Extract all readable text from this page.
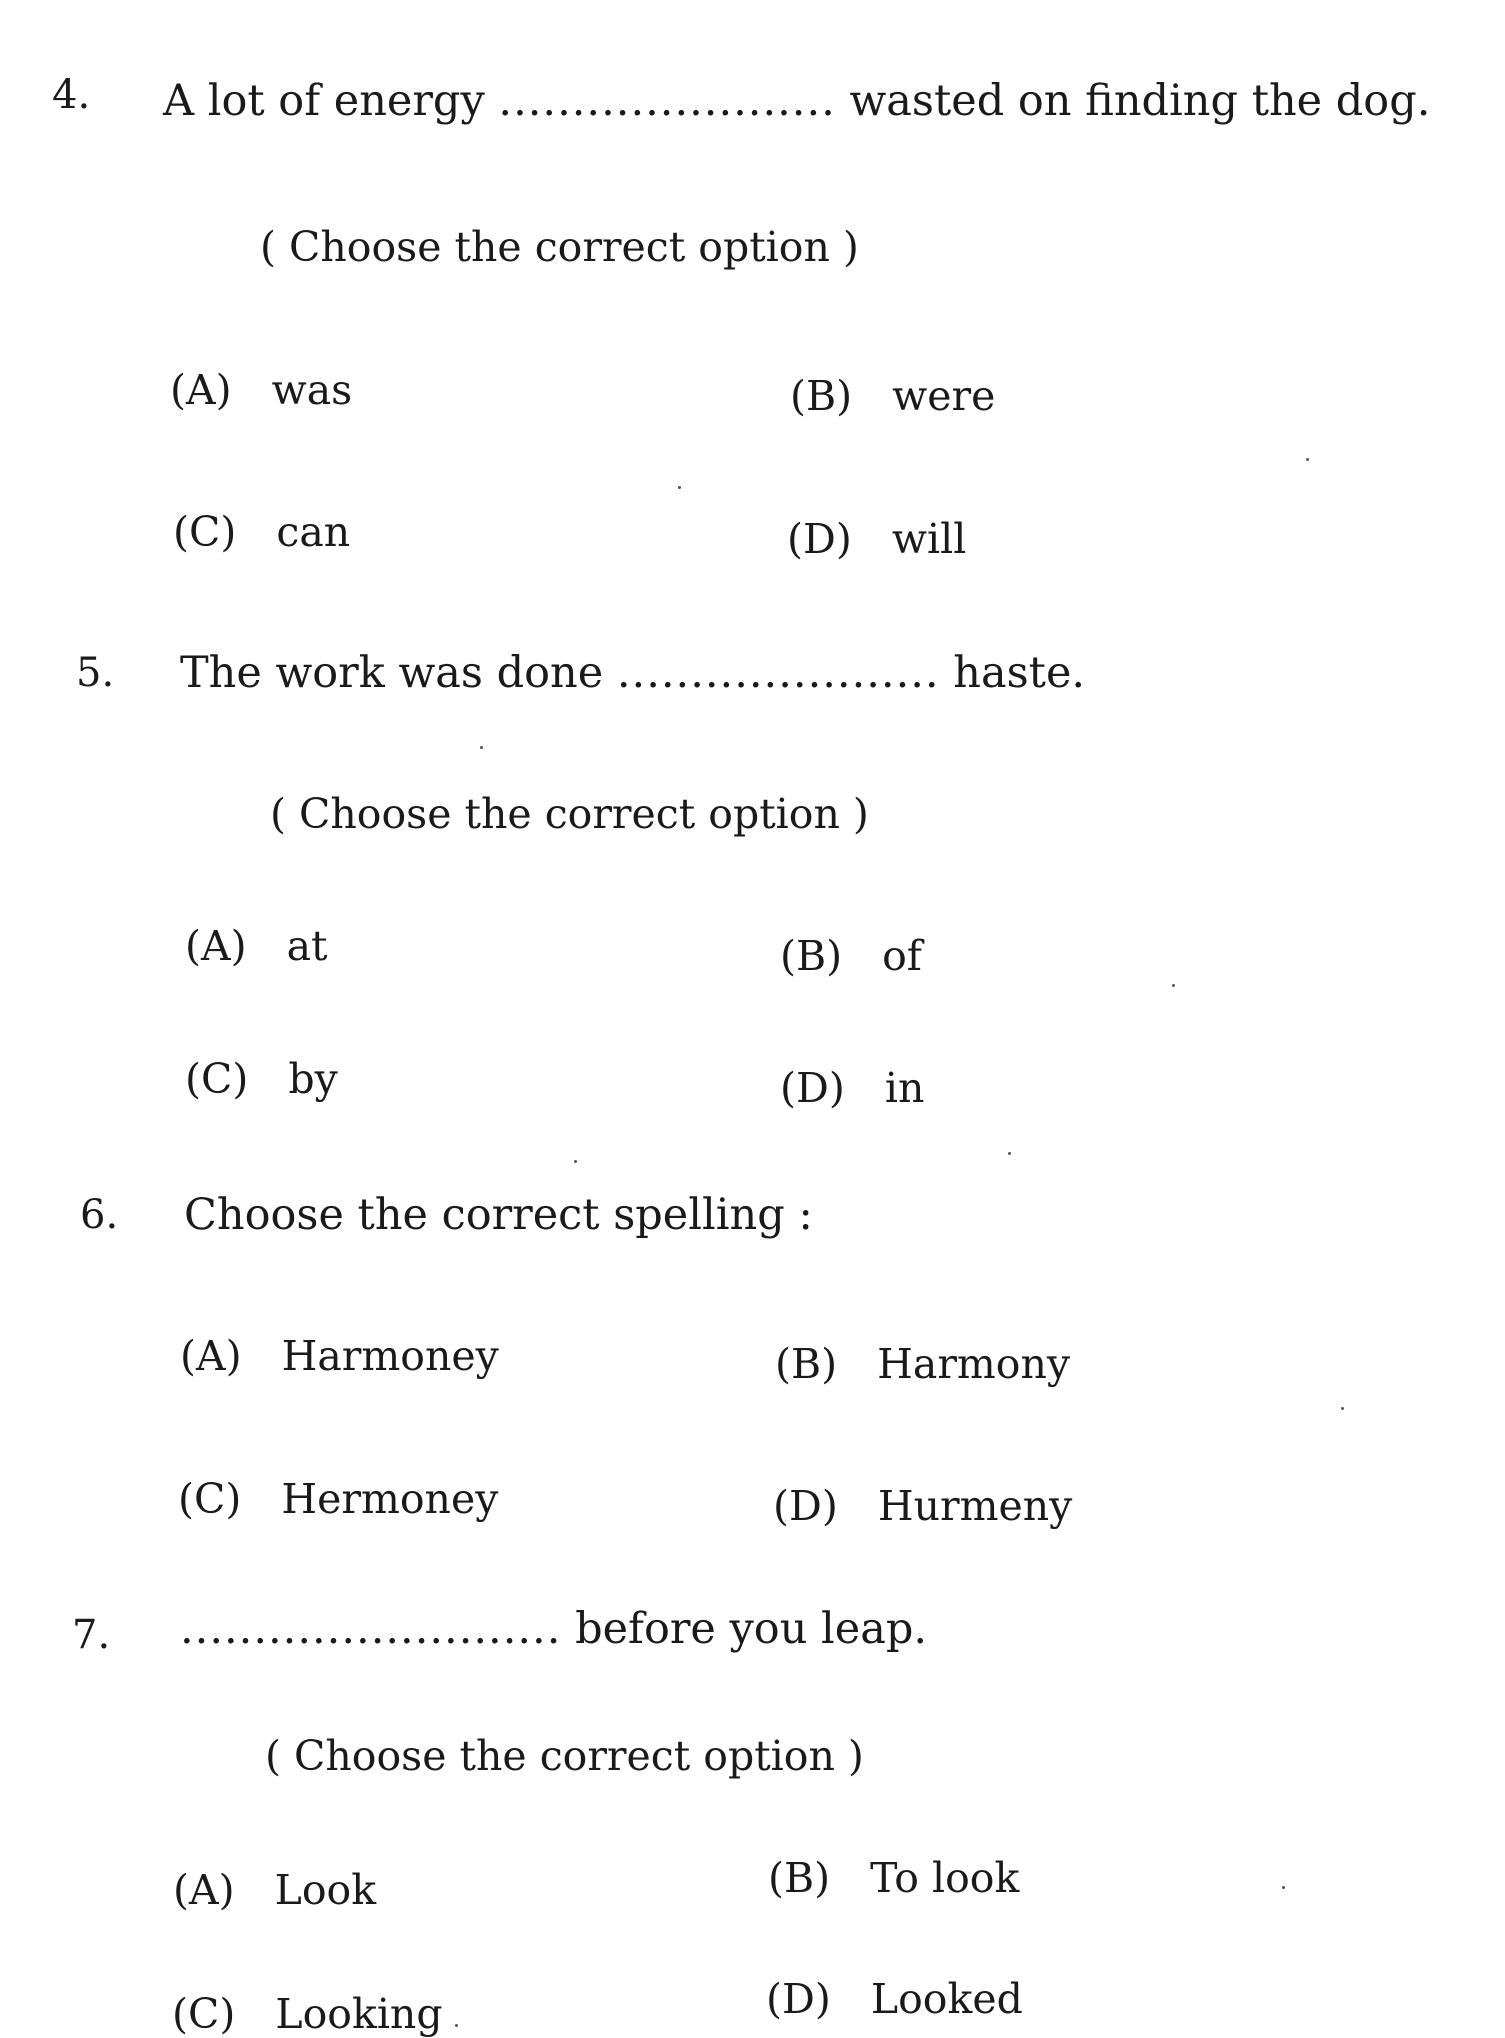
4. A lot of energy ....................... wasted on finding the dog.
( Choose the correct option )
(A) was	(B) were
(C) can	(D) will
5. The work was done ...................... haste.
( Choose the correct option )
(A) at	(B) of
(C) by	(D) in
6. Choose the correct spelling :
(A) Harmoney	(B) Harmony
(C) Hermoney	(D) Hurmeny
7. .......................... before you leap.
( Choose the correct option )
(A) Look	(B) To look
(C) Looking	(D) Looked
